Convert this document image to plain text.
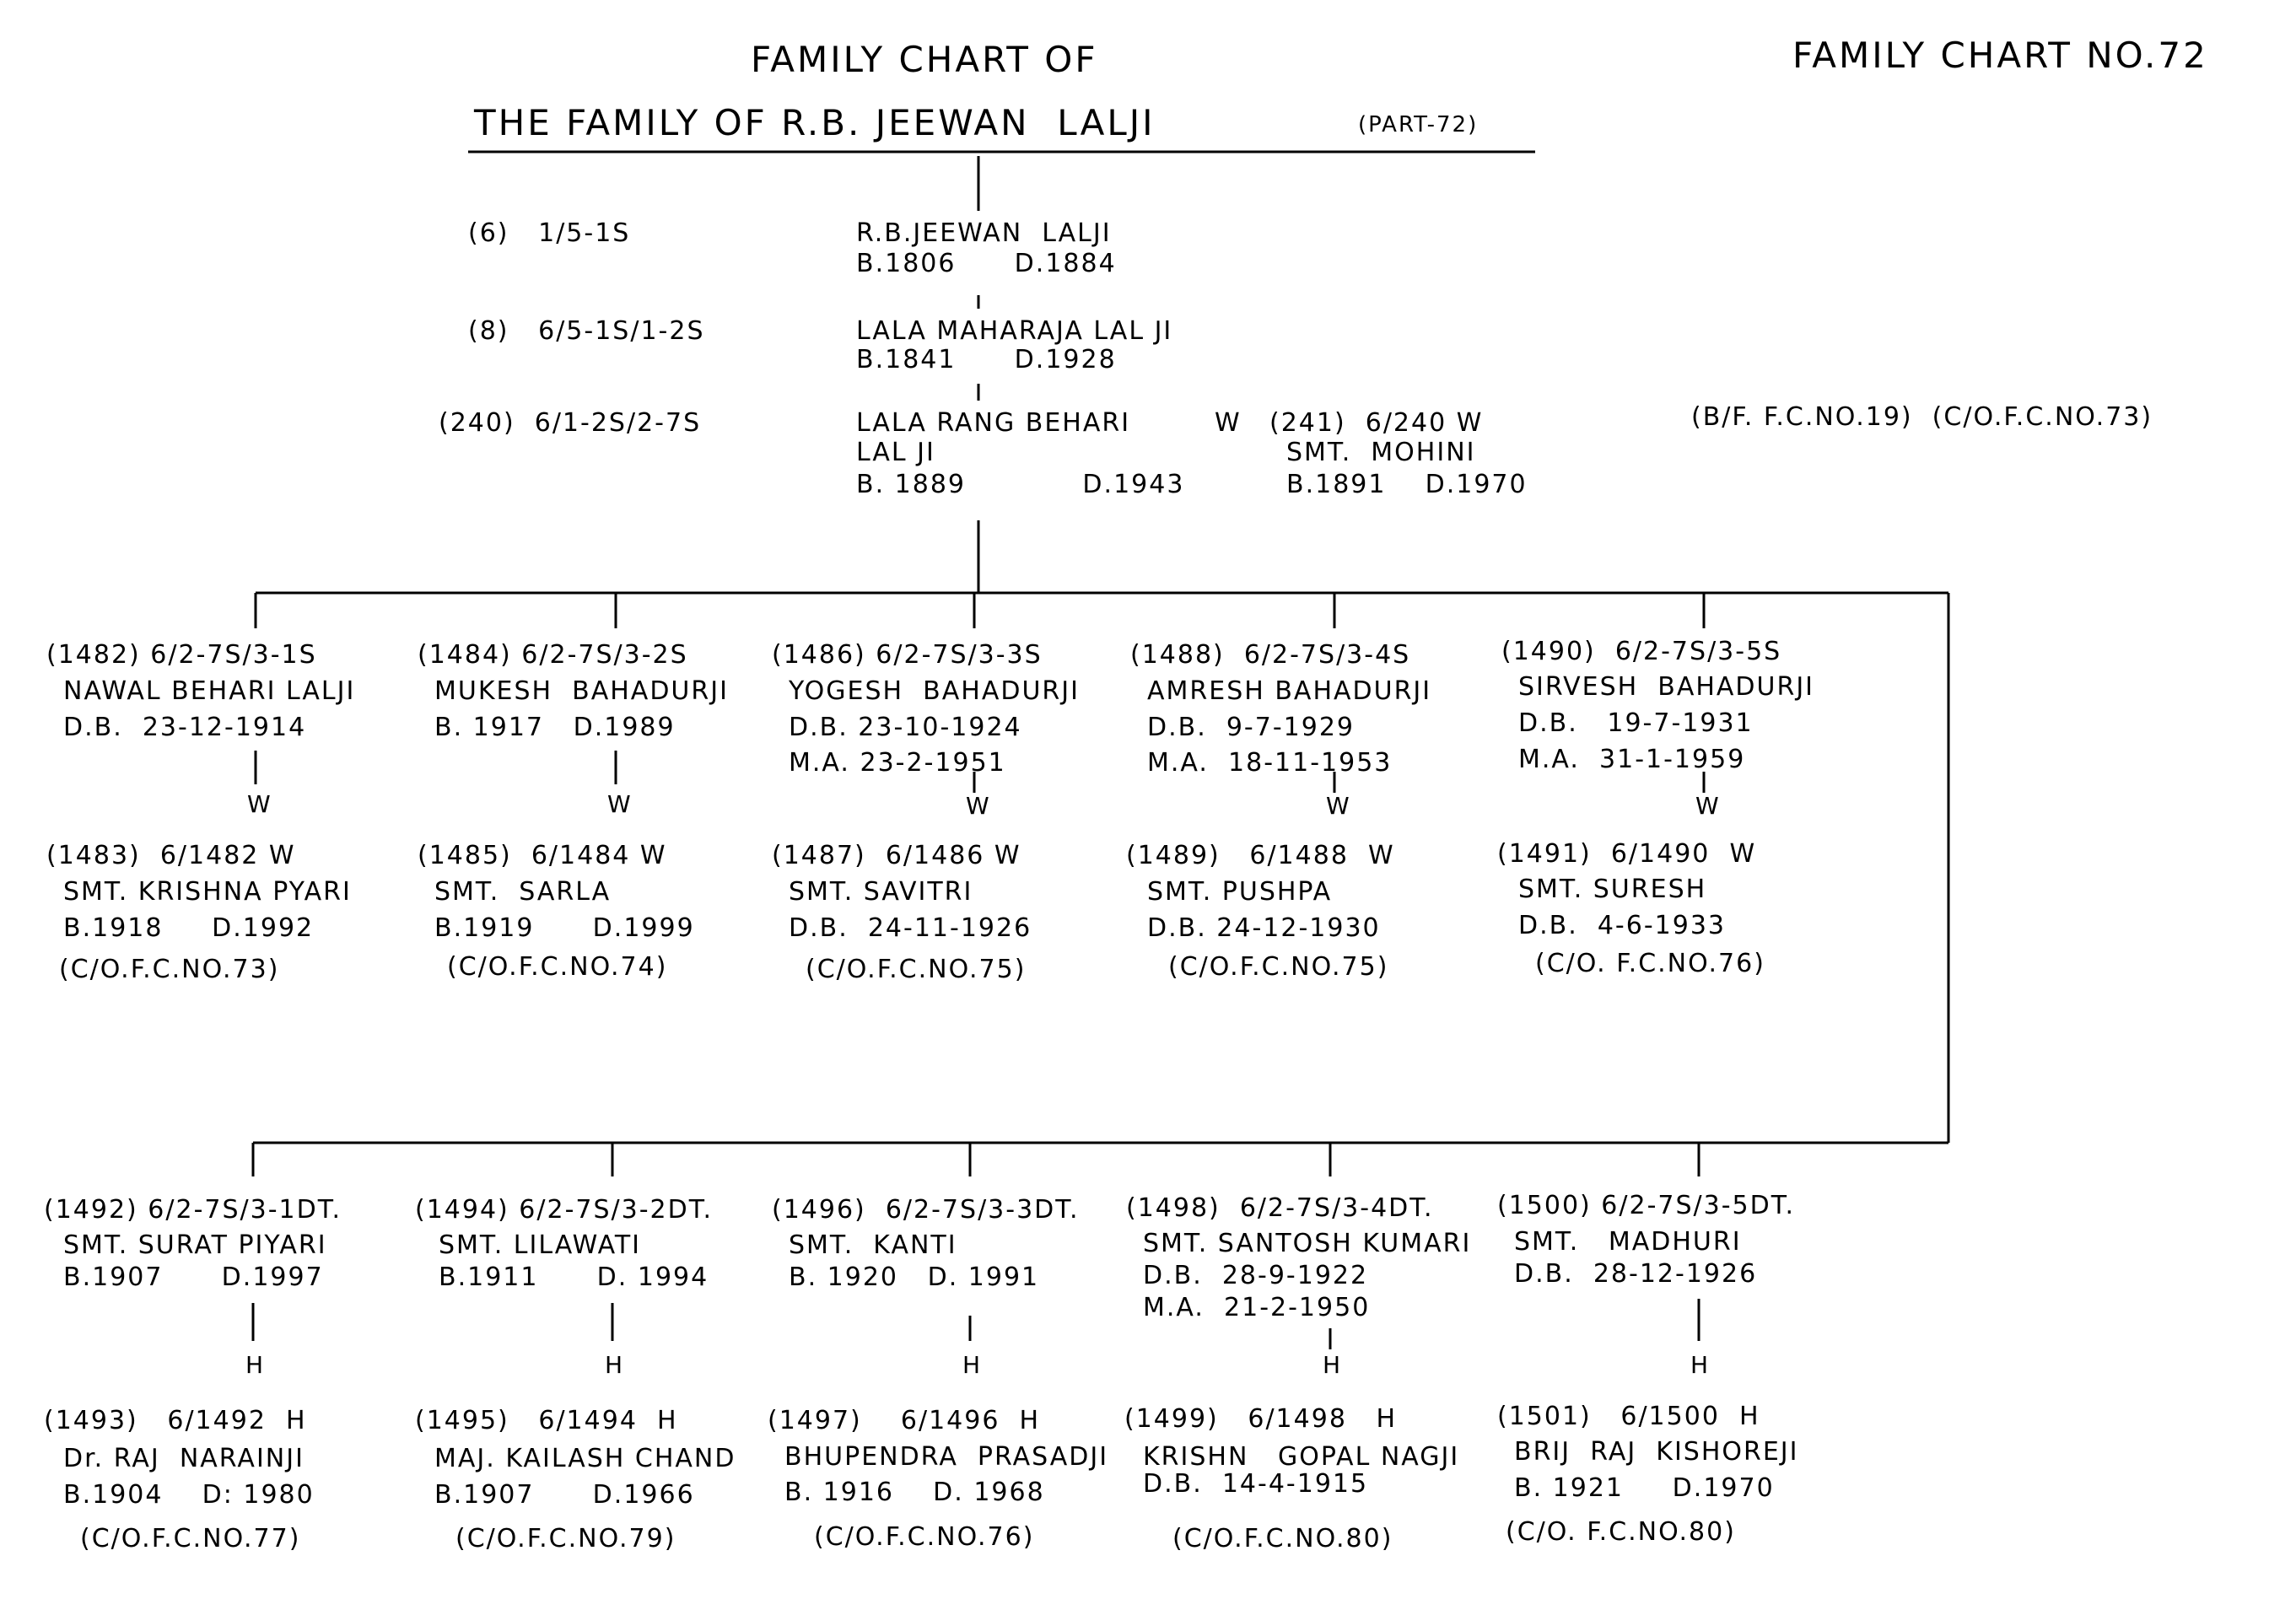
FAMILY CHART OF
THE FAMILY OF R.B. JEEWAN  LALJI	(PART-72)
FAMILY CHART NO.72
(6)   1/5-1S	R.B.JEEWAN  LALJI
B.1806      D.1884
(8)   6/5-1S/1-2S	LALA MAHARAJA LAL JI
B.1841      D.1928
(240)  6/1-2S/2-7S	LALA RANG BEHARI
LAL JI
B. 1889            D.1943
W (241)  6/240 W
SMT.  MOHINI
B.1891    D.1970
(B/F. F.C.NO.19)  (C/O.F.C.NO.73)
(1482) 6/2-7S/3-1S
NAWAL BEHARI LALJI
D.B.  23-12-1914
W
(1483)  6/1482 W
SMT. KRISHNA PYARI
B.1918     D.1992
(C/O.F.C.NO.73)
(1484) 6/2-7S/3-2S
MUKESH  BAHADURJI
B. 1917   D.1989
W
(1485)  6/1484 W
SMT.  SARLA
B.1919      D.1999
(C/O.F.C.NO.74)
(1486) 6/2-7S/3-3S
YOGESH  BAHADURJI
D.B. 23-10-1924
M.A. 23-2-1951
W
(1487)  6/1486 W
SMT. SAVITRI
D.B.  24-11-1926
(C/O.F.C.NO.75)
(1488)  6/2-7S/3-4S
AMRESH BAHADURJI
D.B.  9-7-1929
M.A.  18-11-1953
W
(1489)   6/1488  W
SMT. PUSHPA
D.B. 24-12-1930
(C/O.F.C.NO.75)
(1490)  6/2-7S/3-5S
SIRVESH  BAHADURJI
D.B.   19-7-1931
M.A.  31-1-1959
W
(1491)  6/1490  W
SMT. SURESH
D.B.  4-6-1933
(C/O. F.C.NO.76)
(1492) 6/2-7S/3-1DT.
SMT. SURAT PIYARI
B.1907      D.1997
H
(1493)   6/1492  H
Dr. RAJ  NARAINJI
B.1904    D: 1980
(C/O.F.C.NO.77)
(1494) 6/2-7S/3-2DT.
SMT. LILAWATI
B.1911      D. 1994
H
(1495)   6/1494  H
MAJ. KAILASH CHAND
B.1907      D.1966
(C/O.F.C.NO.79)
(1496)  6/2-7S/3-3DT.
SMT.  KANTI
B. 1920   D. 1991
H
(1497)    6/1496  H
BHUPENDRA  PRASADJI
B. 1916    D. 1968
(C/O.F.C.NO.76)
(1498)  6/2-7S/3-4DT.
SMT. SANTOSH KUMARI
D.B.  28-9-1922
M.A.  21-2-1950
H
(1499)   6/1498   H
KRISHN   GOPAL NAGJI
D.B.  14-4-1915
(C/O.F.C.NO.80)
(1500) 6/2-7S/3-5DT.
SMT.   MADHURI
D.B.  28-12-1926
H
(1501)   6/1500  H
BRIJ  RAJ  KISHOREJI
B. 1921     D.1970
(C/O. F.C.NO.80)
